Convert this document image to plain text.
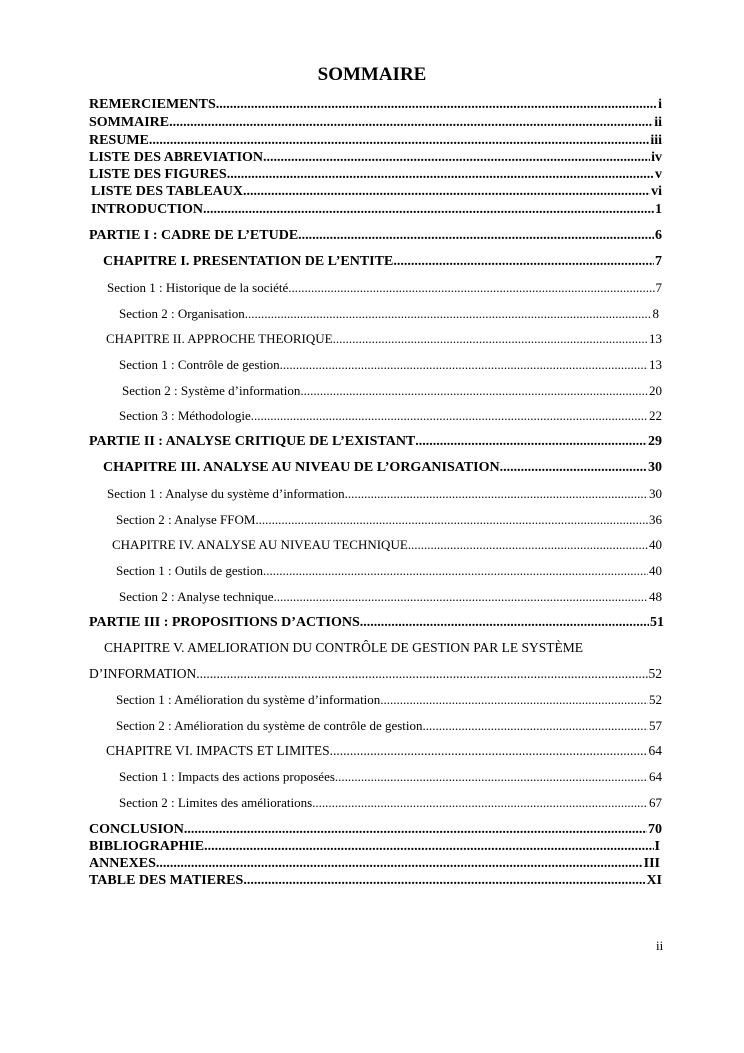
SOMMAIRE
REMERCIEMENTS .....	i
SOMMAIRE .....	ii
RESUME .....	iii
LISTE DES ABREVIATION .....	iv
LISTE DES FIGURES .....	v
LISTE DES TABLEAUX .....	vi
INTRODUCTION .....	1
PARTIE I : CADRE DE L’ETUDE .....	6
CHAPITRE I. PRESENTATION DE L’ENTITE .....	7
Section 1 : Historique de la société .....	7
Section 2 : Organisation .....	8
CHAPITRE II. APPROCHE THEORIQUE .....	13
Section 1 : Contrôle de gestion .....	13
Section 2 : Système d’information .....	20
Section 3 : Méthodologie .....	22
PARTIE II : ANALYSE CRITIQUE DE L’EXISTANT .....	29
CHAPITRE III. ANALYSE AU NIVEAU DE L’ORGANISATION .....	30
Section 1 : Analyse du système d’information .....	30
Section 2 : Analyse FFOM .....	36
CHAPITRE IV. ANALYSE AU NIVEAU TECHNIQUE .....	40
Section 1 : Outils de gestion .....	40
Section 2 : Analyse technique .....	48
PARTIE III : PROPOSITIONS D’ACTIONS .....	51
CHAPITRE V. AMELIORATION DU CONTRÔLE DE GESTION PAR LE SYSTÈME
D’INFORMATION .....	52
Section 1 : Amélioration du système d’information .....	52
Section 2 : Amélioration du système de contrôle de gestion .....	57
CHAPITRE VI. IMPACTS ET LIMITES .....	64
Section 1 : Impacts des actions proposées .....	64
Section 2 : Limites des améliorations .....	67
CONCLUSION .....	70
BIBLIOGRAPHIE .....	I
ANNEXES .....	III
TABLE DES MATIERES .....	XI

ii
